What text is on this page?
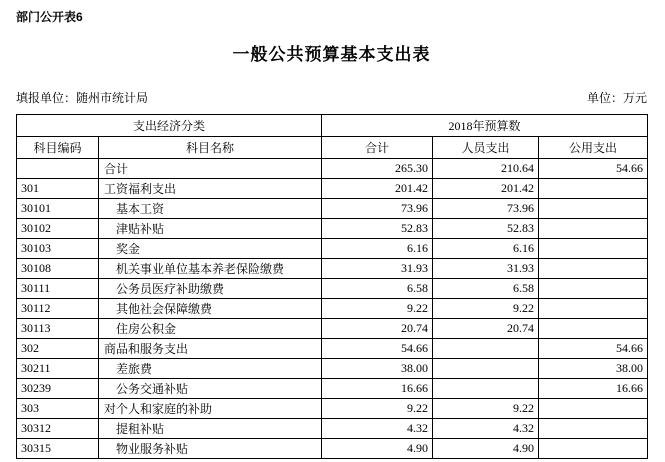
部门公开表6
一般公共预算基本支出表
填报单位：随州市统计局	单位：万元
支出经济分类		2018年预算数		
科目编码	科目名称	合计	人员支出	公用支出
	合计	265.30	210.64	54.66
301	工资福利支出	201.42	201.42	
30101	基本工资	73.96	73.96	
30102	津贴补贴	52.83	52.83	
30103	奖金	6.16	6.16	
30108	机关事业单位基本养老保险缴费	31.93	31.93	
30111	公务员医疗补助缴费	6.58	6.58	
30112	其他社会保障缴费	9.22	9.22	
30113	住房公积金	20.74	20.74	
302	商品和服务支出	54.66		54.66
30211	差旅费	38.00		38.00
30239	公务交通补贴	16.66		16.66
303	对个人和家庭的补助	9.22	9.22	
30312	提租补贴	4.32	4.32	
30315	物业服务补贴	4.90	4.90	
